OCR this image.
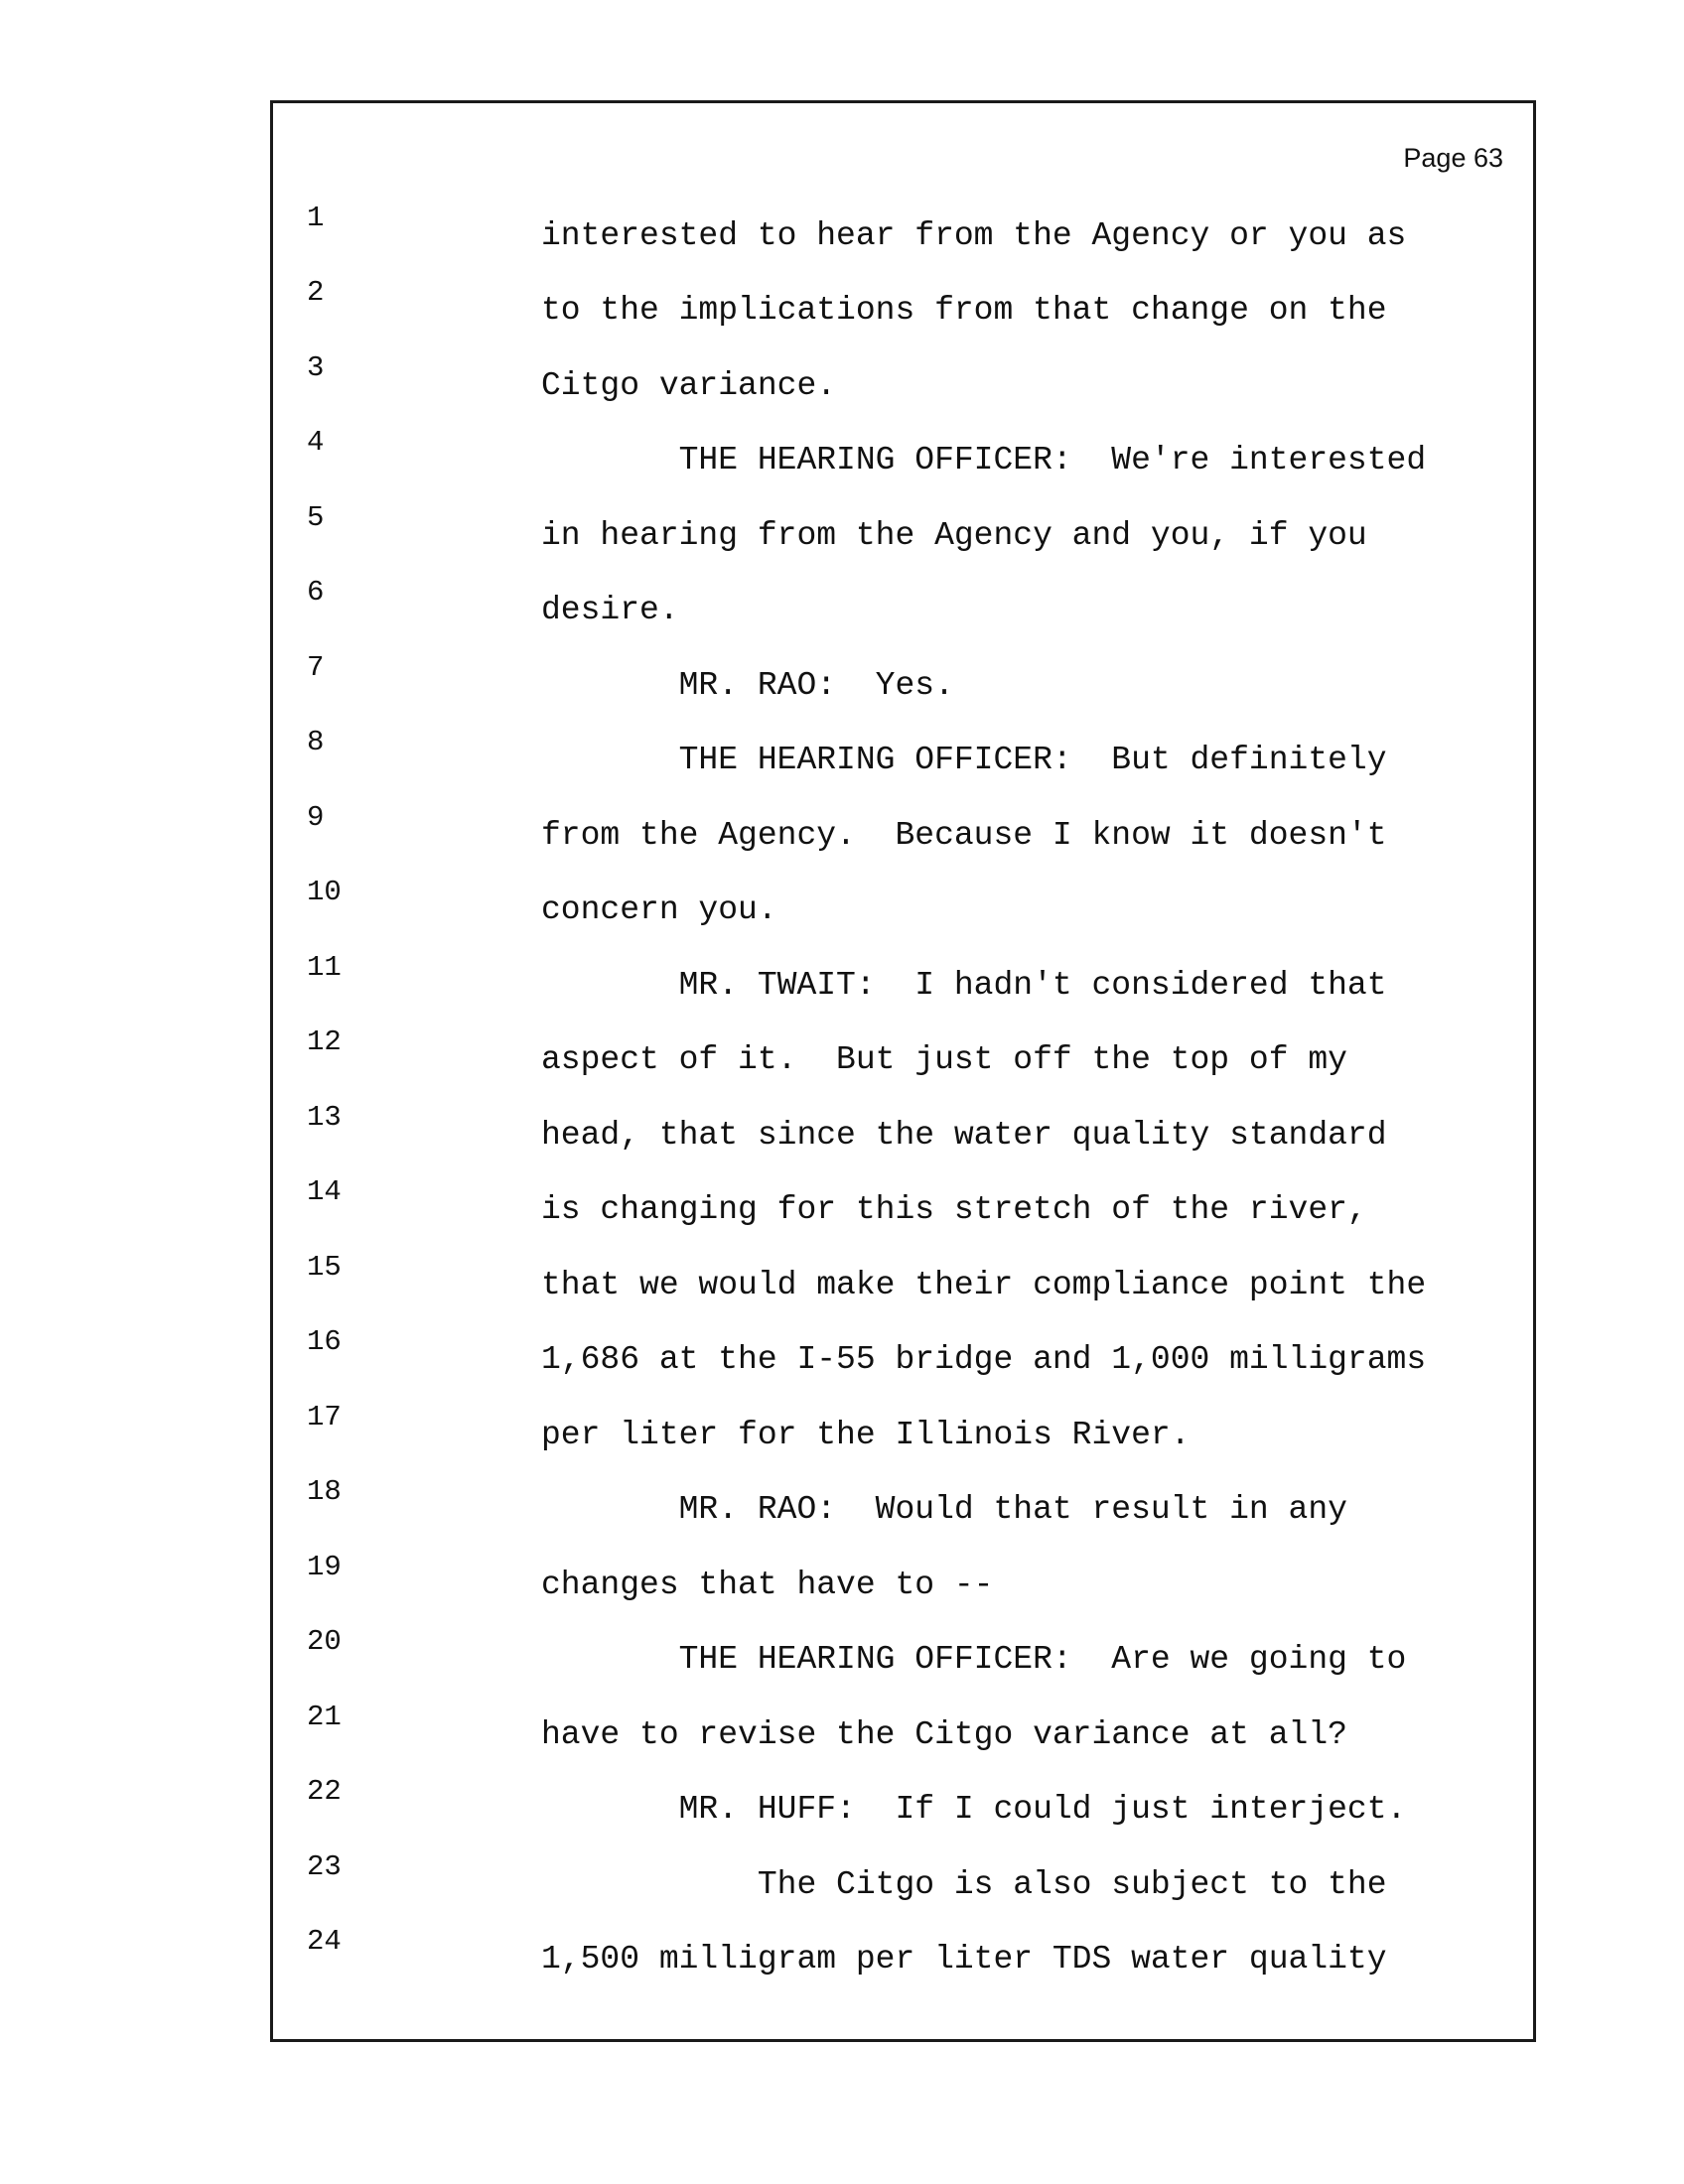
Page 63

1

	interested to hear from the Agency or you as

2

	to the implications from that change on the

3

	Citgo variance.

4

	THE HEARING OFFICER:  We're interested

5

	in hearing from the Agency and you, if you

6

	desire.

7

	MR. RAO:  Yes.

8

	THE HEARING OFFICER:  But definitely

9

	from the Agency.  Because I know it doesn't

10

	concern you.

11

	MR. TWAIT:  I hadn't considered that

12

	aspect of it.  But just off the top of my

13

	head, that since the water quality standard

14

	is changing for this stretch of the river,

15

	that we would make their compliance point the

16

	1,686 at the I-55 bridge and 1,000 milligrams

17

	per liter for the Illinois River.

18

	MR. RAO:  Would that result in any

19

	changes that have to --

20

	THE HEARING OFFICER:  Are we going to

21

	have to revise the Citgo variance at all?

22

	MR. HUFF:  If I could just interject.

23

	The Citgo is also subject to the

24

	1,500 milligram per liter TDS water quality
